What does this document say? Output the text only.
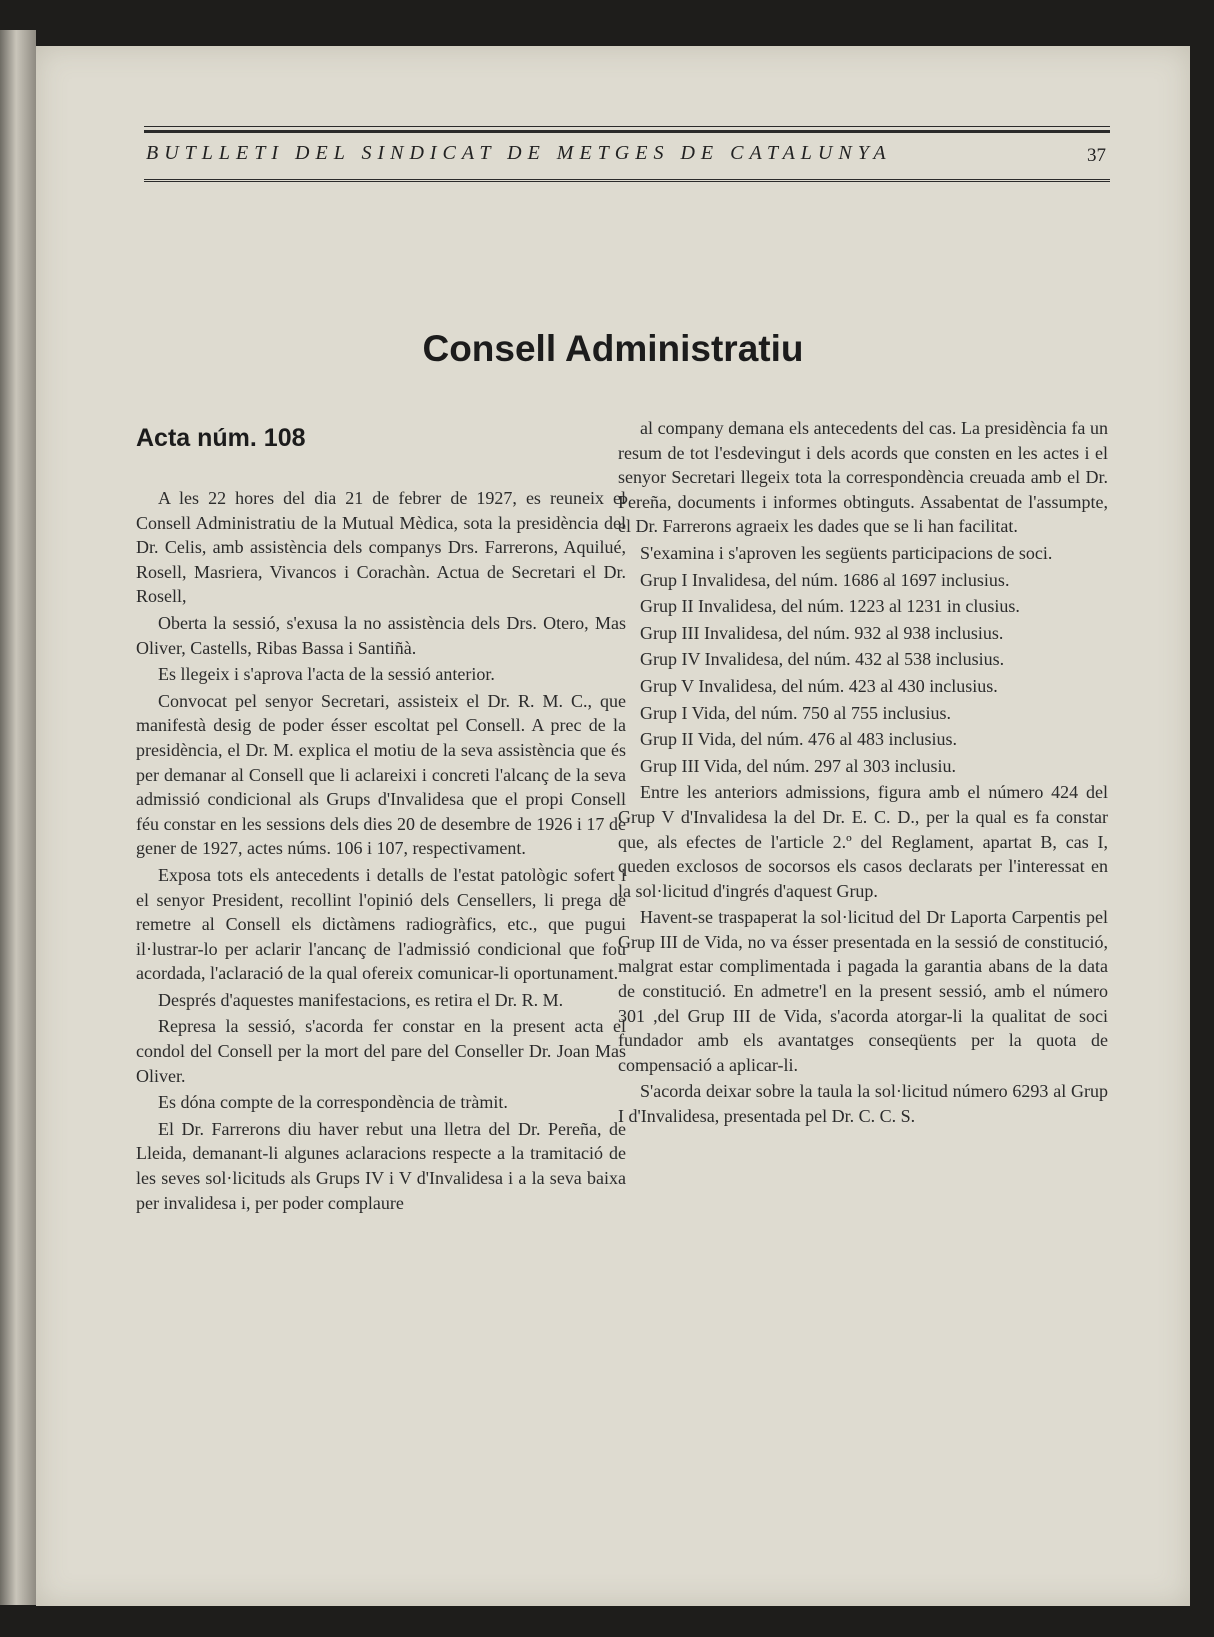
BUTLLETI DEL SINDICAT DE METGES DE CATALUNYA	37
Consell Administratiu
Acta núm. 108

A les 22 hores del dia 21 de febrer de 1927, es reuneix el Consell Administratiu de la Mutual Mèdica, sota la presidència del Dr. Celis, amb assistència dels companys Drs. Farrerons, Aquilué, Rosell, Masriera, Vivancos i Corachàn. Actua de Secretari el Dr. Rosell,

Oberta la sessió, s'exusa la no assistència dels Drs. Otero, Mas Oliver, Castells, Ribas Bassa i Santiñà.

Es llegeix i s'aprova l'acta de la sessió anterior.

Convocat pel senyor Secretari, assisteix el Dr. R. M. C., que manifestà desig de poder ésser escoltat pel Consell. A prec de la presidència, el Dr. M. explica el motiu de la seva assistència que és per demanar al Consell que li aclareixi i concreti l'alcanç de la seva admissió condicional als Grups d'Invalidesa que el propi Consell féu constar en les sessions dels dies 20 de desembre de 1926 i 17 de gener de 1927, actes núms. 106 i 107, respectivament.

Exposa tots els antecedents i detalls de l'estat patològic sofert i el senyor President, recollint l'opinió dels Censellers, li prega de remetre al Consell els dictàmens radiogràfics, etc., que pugui il·lustrar-lo per aclarir l'ancanç de l'admissió condicional que fou acordada, l'aclaració de la qual ofereix comunicar-li oportunament.

Després d'aquestes manifestacions, es retira el Dr. R. M.

Represa la sessió, s'acorda fer constar en la present acta el condol del Consell per la mort del pare del Conseller Dr. Joan Mas Oliver.

Es dóna compte de la correspondència de tràmit.

El Dr. Farrerons diu haver rebut una lletra del Dr. Pereña, de Lleida, demanant-li algunes aclaracions respecte a la tramitació de les seves sol·licituds als Grups IV i V d'Invalidesa i a la seva baixa per invalidesa i, per poder complaure

al company demana els antecedents del cas. La presidència fa un resum de tot l'esdevingut i dels acords que consten en les actes i el senyor Secretari llegeix tota la correspondència creuada amb el Dr. Pereña, documents i informes obtinguts. Assabentat de l'assumpte, el Dr. Farrerons agraeix les dades que se li han facilitat.

S'examina i s'aproven les següents participacions de soci.

Grup I Invalidesa, del núm. 1686 al 1697 inclusius.

Grup II Invalidesa, del núm. 1223 al 1231 in clusius.

Grup III Invalidesa, del núm. 932 al 938 inclusius.

Grup IV Invalidesa, del núm. 432 al 538 inclusius.

Grup V Invalidesa, del núm. 423 al 430 inclusius.

Grup I Vida, del núm. 750 al 755 inclusius.

Grup II Vida, del núm. 476 al 483 inclusius.

Grup III Vida, del núm. 297 al 303 inclusiu.

Entre les anteriors admissions, figura amb el número 424 del Grup V d'Invalidesa la del Dr. E. C. D., per la qual es fa constar que, als efectes de l'article 2.º del Reglament, apartat B, cas I, queden exclosos de socorsos els casos declarats per l'interessat en la sol·licitud d'ingrés d'aquest Grup.

Havent-se traspaperat la sol·licitud del Dr Laporta Carpentis pel Grup III de Vida, no va ésser presentada en la sessió de constitució, malgrat estar complimentada i pagada la garantia abans de la data de constitució. En admetre'l en la present sessió, amb el número 301 ,del Grup III de Vida, s'acorda atorgar-li la qualitat de soci fundador amb els avantatges conseqüents per la quota de compensació a aplicar-li.

S'acorda deixar sobre la taula la sol·licitud número 6293 al Grup I d'Invalidesa, presentada pel Dr. C. C. S.
